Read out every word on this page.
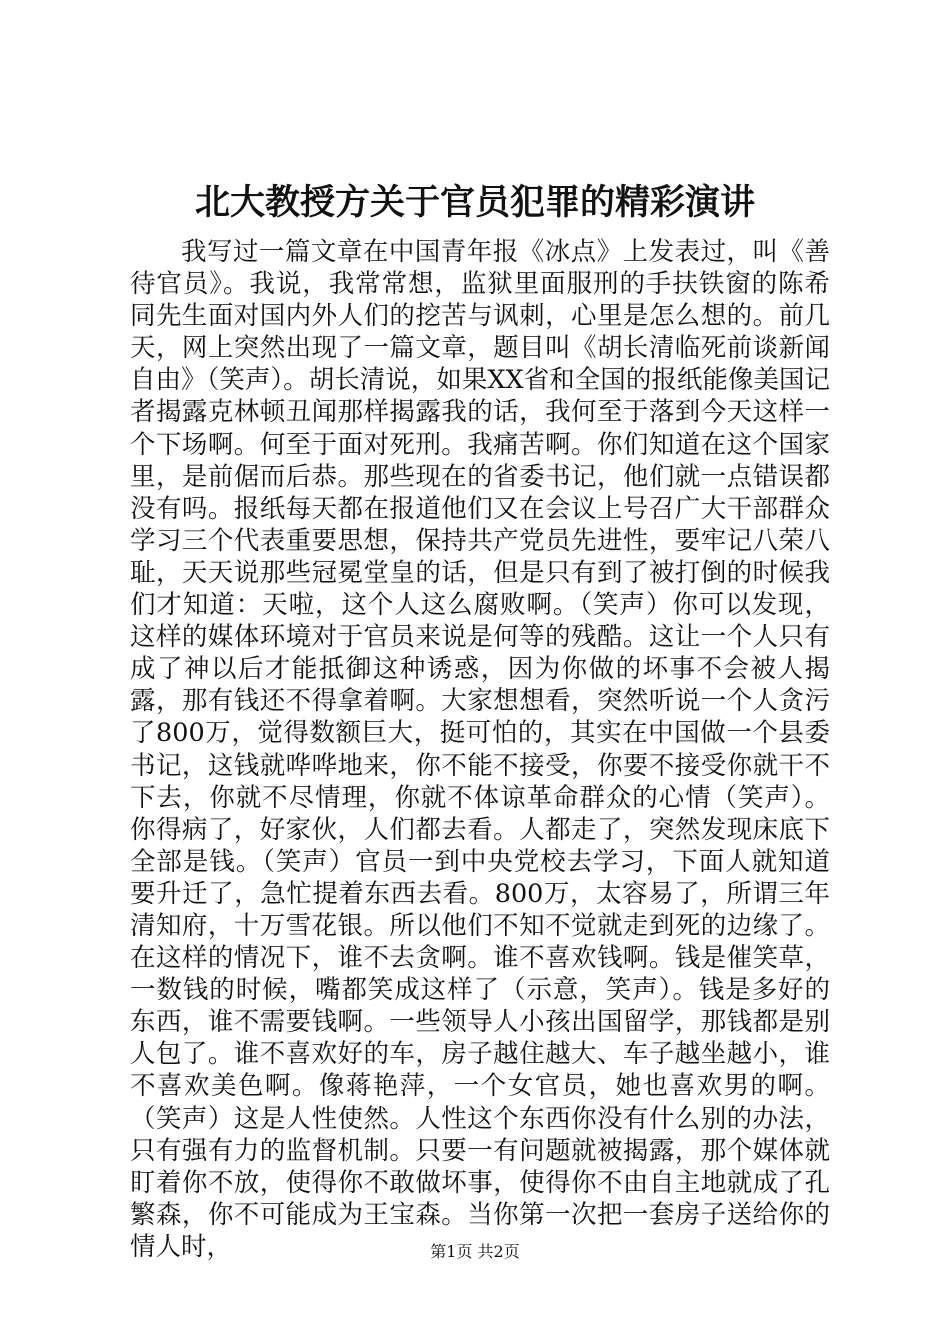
北大教授方关于官员犯罪的精彩演讲

我写过一篇文章在中国青年报《冰点》上发表过，叫《善待官员》。我说，我常常想，监狱里面服刑的手扶铁窗的陈希同先生面对国内外人们的挖苦与讽刺，心里是怎么想的。前几天，网上突然出现了一篇文章，题目叫《胡长清临死前谈新闻自由》（笑声）。胡长清说，如果XX省和全国的报纸能像美国记者揭露克林顿丑闻那样揭露我的话，我何至于落到今天这样一个下场啊。何至于面对死刑。我痛苦啊。你们知道在这个国家里，是前倨而后恭。那些现在的省委书记，他们就一点错误都没有吗。报纸每天都在报道他们又在会议上号召广大干部群众学习三个代表重要思想，保持共产党员先进性，要牢记八荣八耻，天天说那些冠冕堂皇的话，但是只有到了被打倒的时候我们才知道：天啦，这个人这么腐败啊。（笑声）你可以发现，这样的媒体环境对于官员来说是何等的残酷。这让一个人只有成了神以后才能抵御这种诱惑，因为你做的坏事不会被人揭露，那有钱还不得拿着啊。大家想想看，突然听说一个人贪污了800万，觉得数额巨大，挺可怕的，其实在中国做一个县委书记，这钱就哗哗地来，你不能不接受，你要不接受你就干不下去，你就不尽情理，你就不体谅革命群众的心情（笑声）。你得病了，好家伙，人们都去看。人都走了，突然发现床底下全部是钱。（笑声）官员一到中央党校去学习，下面人就知道要升迁了，急忙提着东西去看。800万，太容易了，所谓三年清知府，十万雪花银。所以他们不知不觉就走到死的边缘了。在这样的情况下，谁不去贪啊。谁不喜欢钱啊。钱是催笑草，一数钱的时候，嘴都笑成这样了（示意，笑声）。钱是多好的东西，谁不需要钱啊。一些领导人小孩出国留学，那钱都是别人包了。谁不喜欢好的车，房子越住越大、车子越坐越小，谁不喜欢美色啊。像蒋艳萍，一个女官员，她也喜欢男的啊。（笑声）这是人性使然。人性这个东西你没有什么别的办法，只有强有力的监督机制。只要一有问题就被揭露，那个媒体就盯着你不放，使得你不敢做坏事，使得你不由自主地就成了孔繁森，你不可能成为王宝森。当你第一次把一套房子送给你的情人时，	第1页 共2页
